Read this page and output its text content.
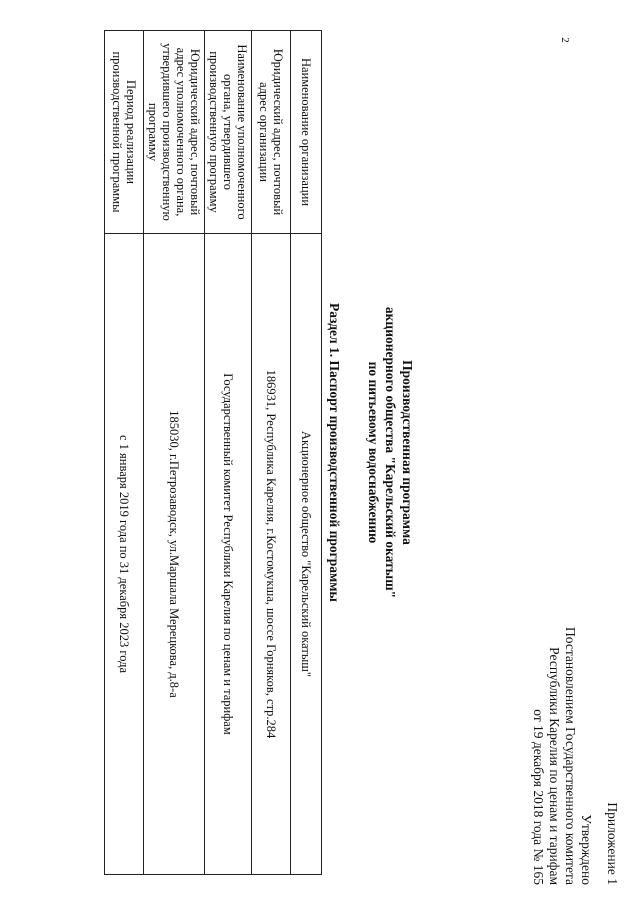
2
Приложение 1
Утверждено
Постановлением Государственного комитета
Республики Карелия по ценам и тарифам
от 19 декабря 2018 года № 165
Производственная программа
акционерного общества "Карельский окатыш"
по питьевому водоснабжению
Раздел 1. Паспорт производственной программы
Наименование организации	Акционерное общество "Карельский окатыш"
Юридический адрес, почтовый адрес организации	186931, Республика Карелия, г.Костомукша, шоссе Горняков, стр.284
Наименование уполномоченного органа, утвердившего производственную программу	Государственный комитет Республики Карелия по ценам и тарифам
Юридический адрес, почтовый адрес уполномоченного органа, утвердившего производственную программу	185030, г.Петрозаводск, ул.Маршала Мерецкова, д.8-а
Период реализации производственной программы	с 1 января 2019 года по 31 декабря 2023 года
